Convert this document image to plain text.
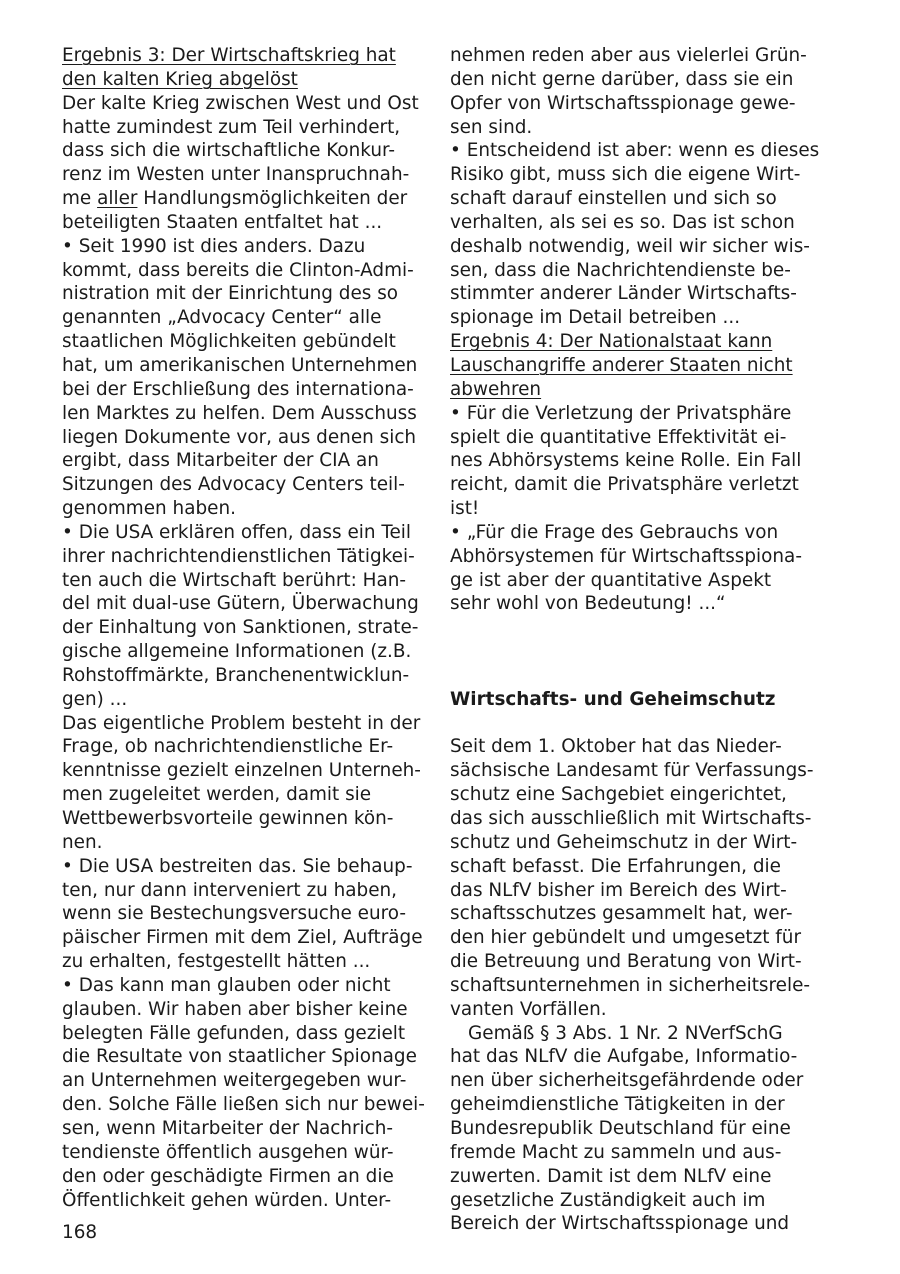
Ergebnis 3: Der Wirtschaftskrieg hat
den kalten Krieg abgelöst
Der kalte Krieg zwischen West und Ost
hatte zumindest zum Teil verhindert,
dass sich die wirtschaftliche Konkur-
renz im Westen unter Inanspruchnah-
me aller Handlungsmöglichkeiten der
beteiligten Staaten entfaltet hat ...
• Seit 1990 ist dies anders. Dazu
kommt, dass bereits die Clinton-Admi-
nistration mit der Einrichtung des so
genannten „Advocacy Center“ alle
staatlichen Möglichkeiten gebündelt
hat, um amerikanischen Unternehmen
bei der Erschließung des internationa-
len Marktes zu helfen. Dem Ausschuss
liegen Dokumente vor, aus denen sich
ergibt, dass Mitarbeiter der CIA an
Sitzungen des Advocacy Centers teil-
genommen haben.
• Die USA erklären offen, dass ein Teil
ihrer nachrichtendienstlichen Tätigkei-
ten auch die Wirtschaft berührt: Han-
del mit dual-use Gütern, Überwachung
der Einhaltung von Sanktionen, strate-
gische allgemeine Informationen (z.B.
Rohstoffmärkte, Branchenentwicklun-
gen) ...
Das eigentliche Problem besteht in der
Frage, ob nachrichtendienstliche Er-
kenntnisse gezielt einzelnen Unterneh-
men zugeleitet werden, damit sie
Wettbewerbsvorteile gewinnen kön-
nen.
• Die USA bestreiten das. Sie behaup-
ten, nur dann interveniert zu haben,
wenn sie Bestechungsversuche euro-
päischer Firmen mit dem Ziel, Aufträge
zu erhalten, festgestellt hätten ...
• Das kann man glauben oder nicht
glauben. Wir haben aber bisher keine
belegten Fälle gefunden, dass gezielt
die Resultate von staatlicher Spionage
an Unternehmen weitergegeben wur-
den. Solche Fälle ließen sich nur bewei-
sen, wenn Mitarbeiter der Nachrich-
tendienste öffentlich ausgehen wür-
den oder geschädigte Firmen an die
Öffentlichkeit gehen würden. Unter-
nehmen reden aber aus vielerlei Grün-
den nicht gerne darüber, dass sie ein
Opfer von Wirtschaftsspionage gewe-
sen sind.
• Entscheidend ist aber: wenn es dieses
Risiko gibt, muss sich die eigene Wirt-
schaft darauf einstellen und sich so
verhalten, als sei es so. Das ist schon
deshalb notwendig, weil wir sicher wis-
sen, dass die Nachrichtendienste be-
stimmter anderer Länder Wirtschafts-
spionage im Detail betreiben ...
Ergebnis 4: Der Nationalstaat kann
Lauschangriffe anderer Staaten nicht
abwehren
• Für die Verletzung der Privatsphäre
spielt die quantitative Effektivität ei-
nes Abhörsystems keine Rolle. Ein Fall
reicht, damit die Privatsphäre verletzt
ist!
• „Für die Frage des Gebrauchs von
Abhörsystemen für Wirtschaftsspiona-
ge ist aber der quantitative Aspekt
sehr wohl von Bedeutung! ...“
Wirtschafts- und Geheimschutz
Seit dem 1. Oktober hat das Nieder-
sächsische Landesamt für Verfassungs-
schutz eine Sachgebiet eingerichtet,
das sich ausschließlich mit Wirtschafts-
schutz und Geheimschutz in der Wirt-
schaft befasst. Die Erfahrungen, die
das NLfV bisher im Bereich des Wirt-
schaftsschutzes gesammelt hat, wer-
den hier gebündelt und umgesetzt für
die Betreuung und Beratung von Wirt-
schaftsunternehmen in sicherheitsrele-
vanten Vorfällen.
Gemäß § 3 Abs. 1 Nr. 2 NVerfSchG
hat das NLfV die Aufgabe, Informatio-
nen über sicherheitsgefährdende oder
geheimdienstliche Tätigkeiten in der
Bundesrepublik Deutschland für eine
fremde Macht zu sammeln und aus-
zuwerten. Damit ist dem NLfV eine
gesetzliche Zuständigkeit auch im
Bereich der Wirtschaftsspionage und
168
